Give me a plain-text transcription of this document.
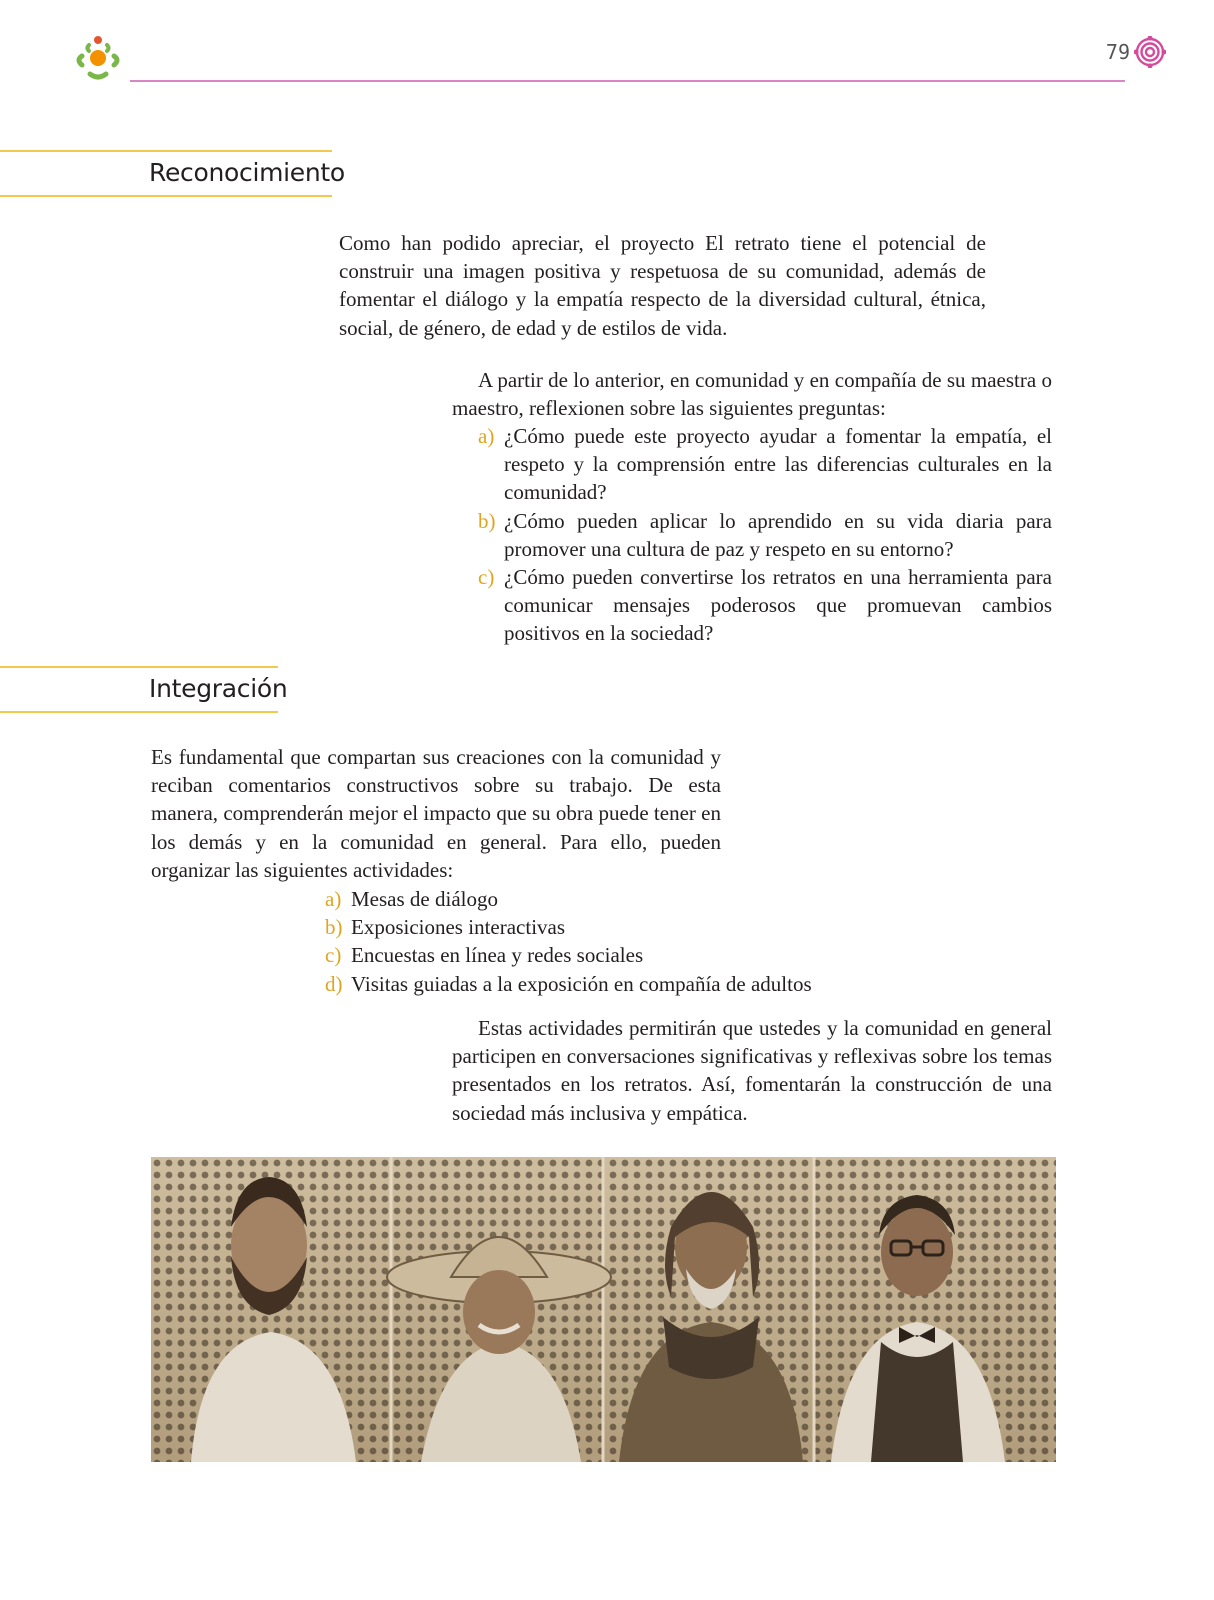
79
Reconocimiento
Como han podido apreciar, el proyecto El retrato tiene el potencial de construir una imagen positiva y respetuosa de su comunidad, además de fomentar el diálogo y la empatía respecto de la diversidad cultural, étnica, social, de género, de edad y de estilos de vida.
A partir de lo anterior, en comunidad y en compañía de su maestra o maestro, reflexionen sobre las siguientes preguntas:
a) ¿Cómo puede este proyecto ayudar a fomentar la empatía, el respeto y la comprensión entre las diferencias culturales en la comunidad?
b) ¿Cómo pueden aplicar lo aprendido en su vida diaria para promover una cultura de paz y respeto en su entorno?
c) ¿Cómo pueden convertirse los retratos en una herramienta para comunicar mensajes poderosos que promuevan cambios positivos en la sociedad?
Integración
Es fundamental que compartan sus creaciones con la comunidad y reciban comentarios constructivos sobre su trabajo. De esta manera, comprenderán mejor el impacto que su obra puede tener en los demás y en la comunidad en general. Para ello, pueden organizar las siguientes actividades:
a) Mesas de diálogo
b) Exposiciones interactivas
c) Encuestas en línea y redes sociales
d) Visitas guiadas a la exposición en compañía de adultos
Estas actividades permitirán que ustedes y la comunidad en general participen en conversaciones significativas y reflexivas sobre los temas presentados en los retratos. Así, fomentarán la construcción de una sociedad más inclusiva y empática.
